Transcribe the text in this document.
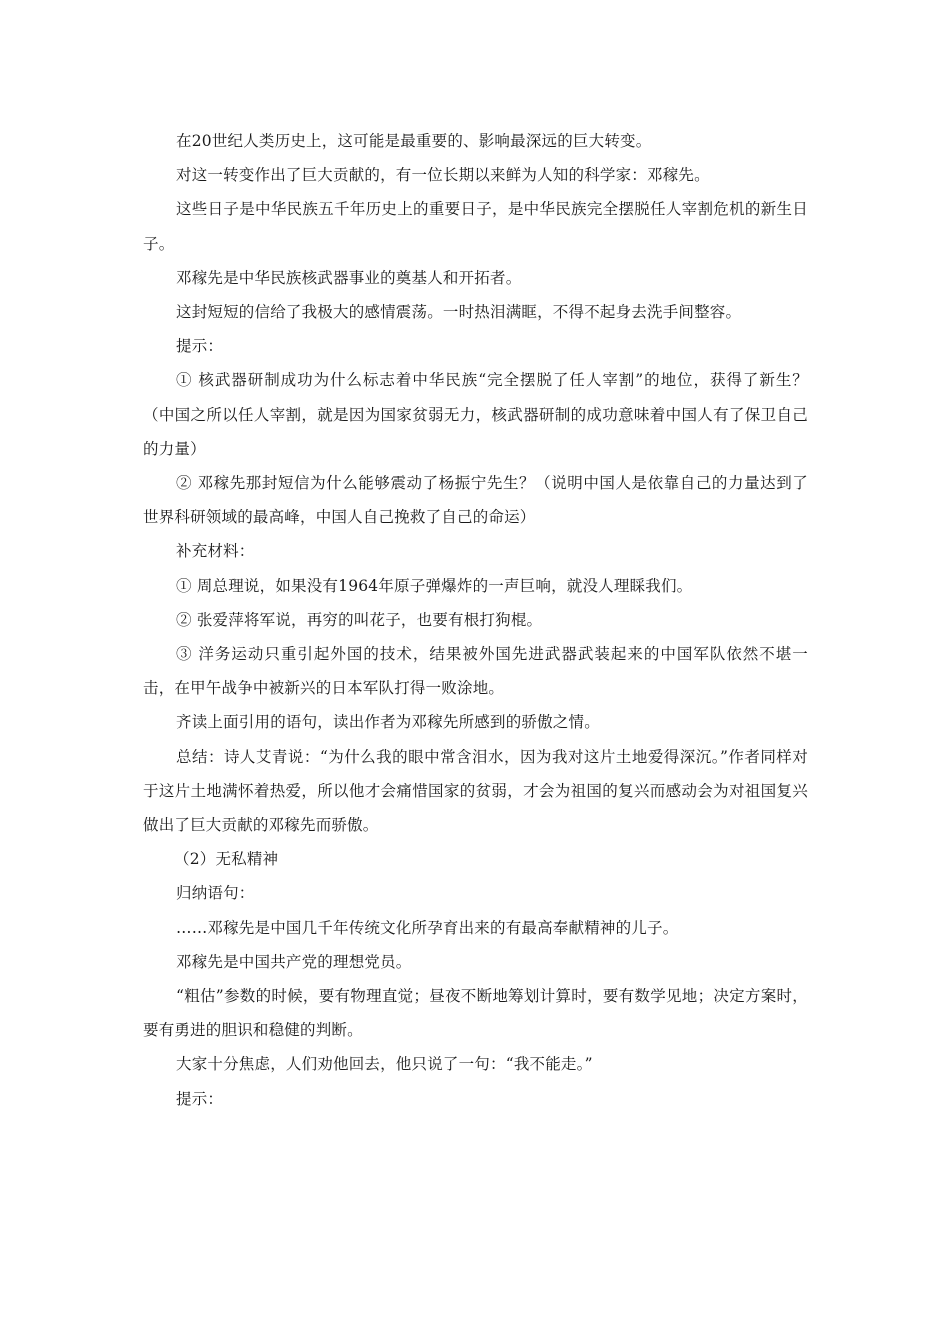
在20世纪人类历史上，这可能是最重要的、影响最深远的巨大转变。

对这一转变作出了巨大贡献的，有一位长期以来鲜为人知的科学家：邓稼先。

这些日子是中华民族五千年历史上的重要日子，是中华民族完全摆脱任人宰割危机的新生日子。

邓稼先是中华民族核武器事业的奠基人和开拓者。

这封短短的信给了我极大的感情震荡。一时热泪满眶，不得不起身去洗手间整容。

提示：

① 核武器研制成功为什么标志着中华民族“完全摆脱了任人宰割”的地位，获得了新生？（中国之所以任人宰割，就是因为国家贫弱无力，核武器研制的成功意味着中国人有了保卫自己的力量）

② 邓稼先那封短信为什么能够震动了杨振宁先生？（说明中国人是依靠自己的力量达到了世界科研领域的最高峰，中国人自己挽救了自己的命运）

补充材料：

① 周总理说，如果没有1964年原子弹爆炸的一声巨响，就没人理睬我们。

② 张爱萍将军说，再穷的叫花子，也要有根打狗棍。

③ 洋务运动只重引起外国的技术，结果被外国先进武器武装起来的中国军队依然不堪一击，在甲午战争中被新兴的日本军队打得一败涂地。

齐读上面引用的语句，读出作者为邓稼先所感到的骄傲之情。

总结：诗人艾青说：“为什么我的眼中常含泪水，因为我对这片土地爱得深沉。”作者同样对于这片土地满怀着热爱，所以他才会痛惜国家的贫弱，才会为祖国的复兴而感动会为对祖国复兴做出了巨大贡献的邓稼先而骄傲。

（2）无私精神

归纳语句：

……邓稼先是中国几千年传统文化所孕育出来的有最高奉献精神的儿子。

邓稼先是中国共产党的理想党员。

“粗估”参数的时候，要有物理直觉；昼夜不断地筹划计算时，要有数学见地；决定方案时，要有勇进的胆识和稳健的判断。

大家十分焦虑，人们劝他回去，他只说了一句：“我不能走。”

提示：
